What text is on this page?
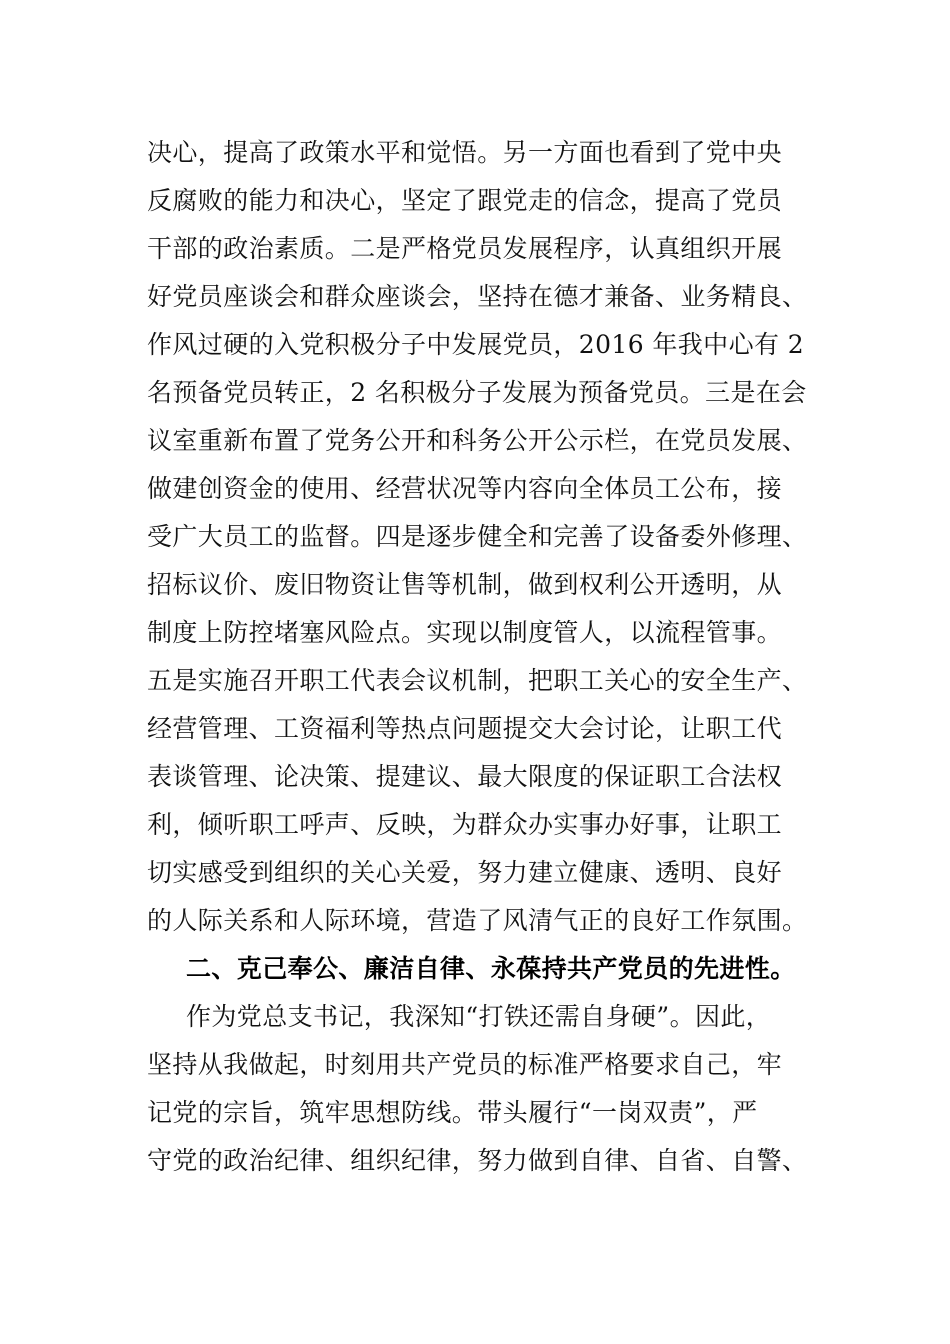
决心，提高了政策水平和觉悟。另一方面也看到了党中央
反腐败的能力和决心，坚定了跟党走的信念，提高了党员
干部的政治素质。二是严格党员发展程序，认真组织开展
好党员座谈会和群众座谈会，坚持在德才兼备、业务精良、
作风过硬的入党积极分子中发展党员，2016 年我中心有 2
名预备党员转正，2 名积极分子发展为预备党员。三是在会
议室重新布置了党务公开和科务公开公示栏，在党员发展、
做建创资金的使用、经营状况等内容向全体员工公布，接
受广大员工的监督。四是逐步健全和完善了设备委外修理、
招标议价、废旧物资让售等机制，做到权利公开透明，从
制度上防控堵塞风险点。实现以制度管人，以流程管事。
五是实施召开职工代表会议机制，把职工关心的安全生产、
经营管理、工资福利等热点问题提交大会讨论，让职工代
表谈管理、论决策、提建议、最大限度的保证职工合法权
利，倾听职工呼声、反映，为群众办实事办好事，让职工
切实感受到组织的关心关爱，努力建立健康、透明、良好
的人际关系和人际环境，营造了风清气正的良好工作氛围。
二、克己奉公、廉洁自律、永葆持共产党员的先进性。
作为党总支书记，我深知“打铁还需自身硬”。因此，
坚持从我做起，时刻用共产党员的标准严格要求自己，牢
记党的宗旨，筑牢思想防线。带头履行“一岗双责”，严
守党的政治纪律、组织纪律，努力做到自律、自省、自警、
